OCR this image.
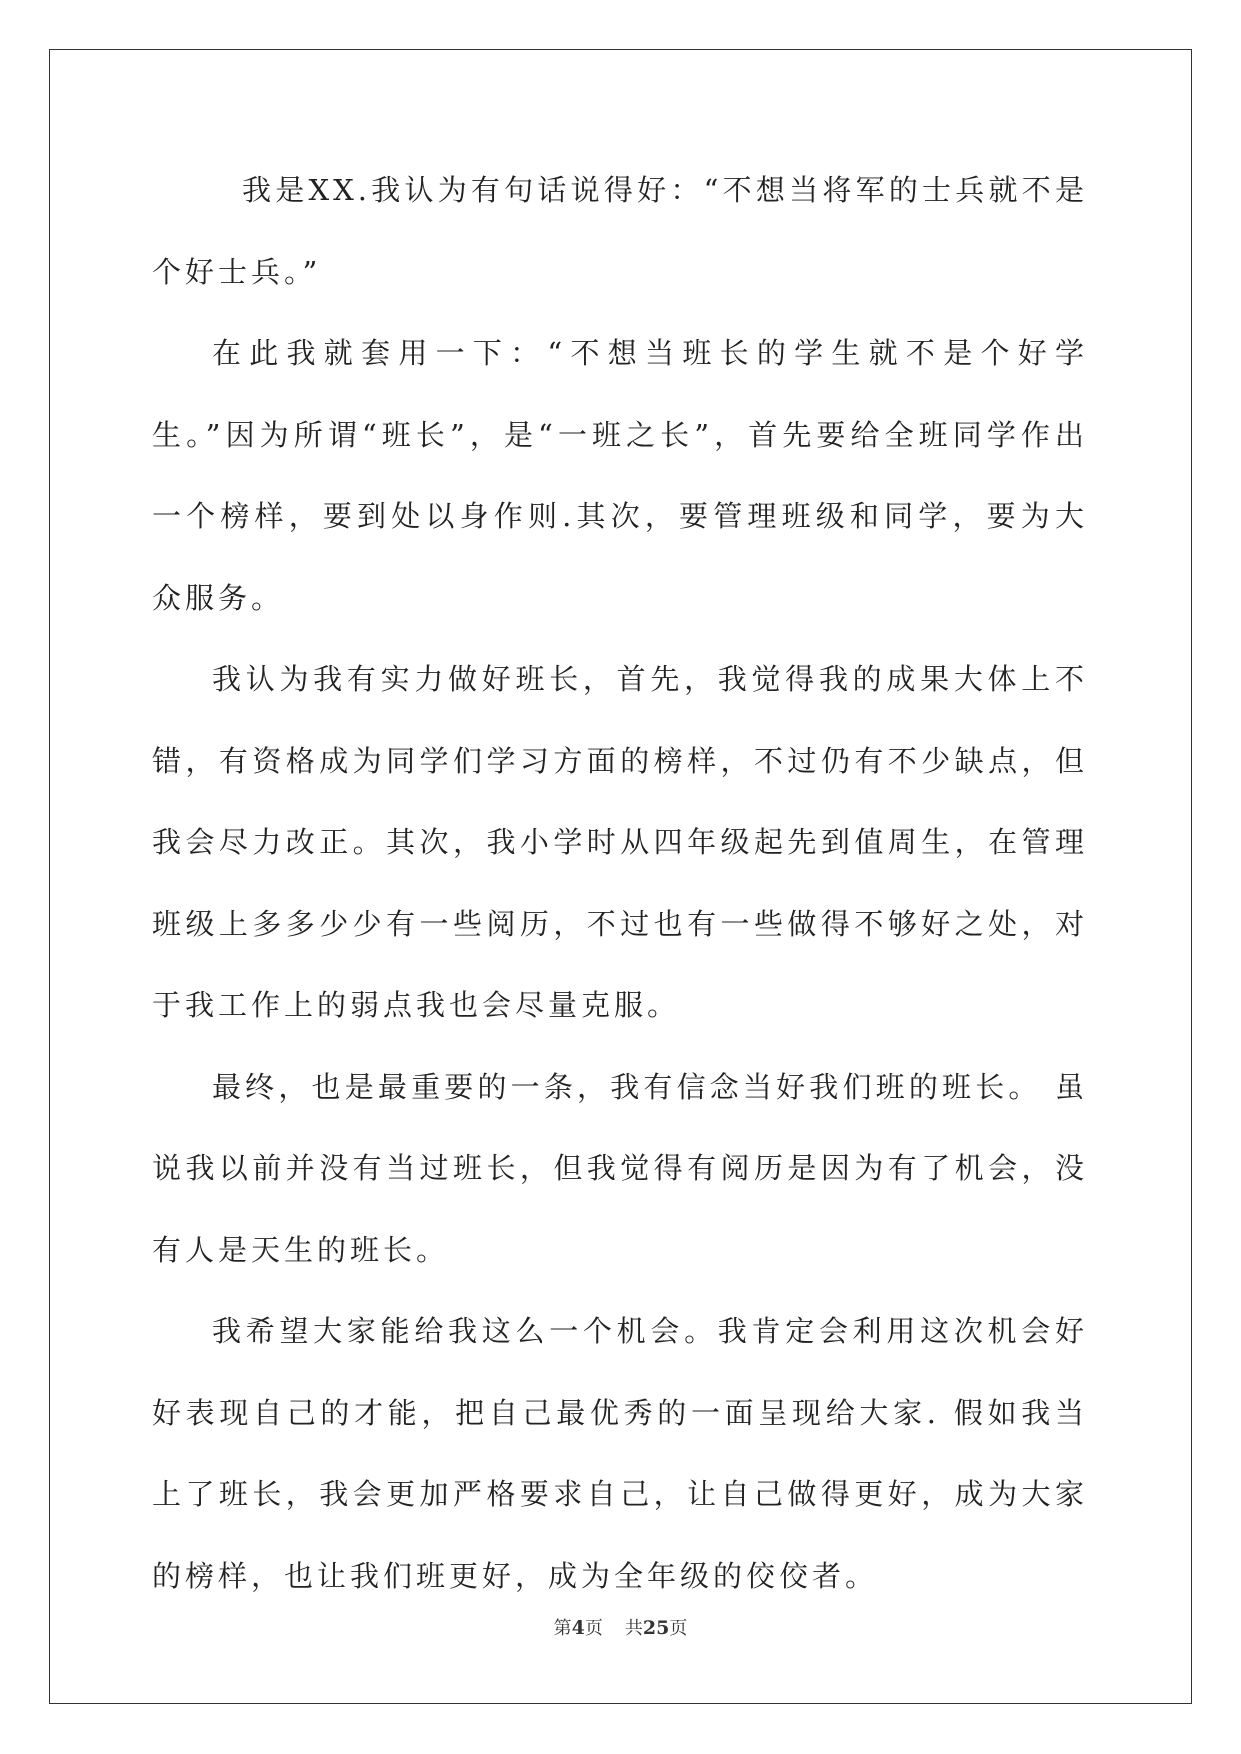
我是XX.我认为有句话说得好：“不想当将军的士兵就不是个好士兵。”

在此我就套用一下：“不想当班长的学生就不是个好学生。”因为所谓“班长”，是“一班之长”，首先要给全班同学作出一个榜样，要到处以身作则.其次，要管理班级和同学，要为大众服务。

我认为我有实力做好班长，首先，我觉得我的成果大体上不错，有资格成为同学们学习方面的榜样，不过仍有不少缺点，但我会尽力改正。其次，我小学时从四年级起先到值周生，在管理班级上多多少少有一些阅历，不过也有一些做得不够好之处，对于我工作上的弱点我也会尽量克服。

最终，也是最重要的一条，我有信念当好我们班的班长。 虽说我以前并没有当过班长，但我觉得有阅历是因为有了机会，没有人是天生的班长。

我希望大家能给我这么一个机会。我肯定会利用这次机会好好表现自己的才能，把自己最优秀的一面呈现给大家. 假如我当上了班长，我会更加严格要求自己，让自己做得更好，成为大家的榜样，也让我们班更好，成为全年级的佼佼者。

第4页 共25页
